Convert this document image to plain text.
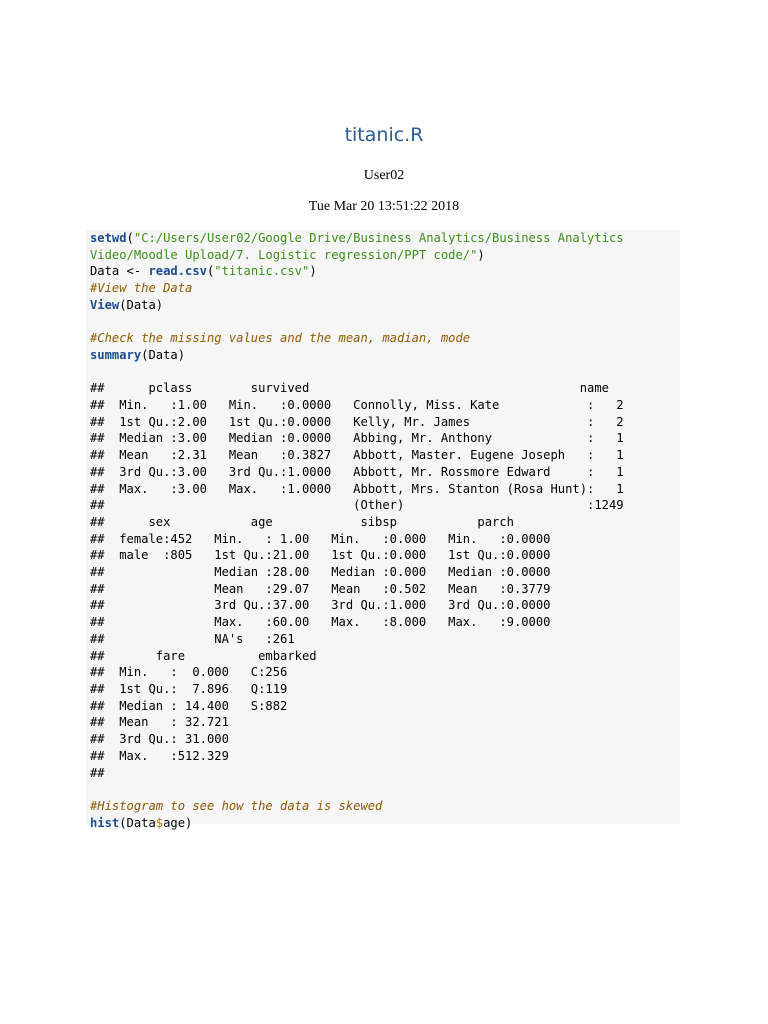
titanic.R
User02
Tue Mar 20 13:51:22 2018
setwd("C:/Users/User02/Google Drive/Business Analytics/Business Analytics
Video/Moodle Upload/7. Logistic regression/PPT code/")
Data <- read.csv("titanic.csv")
#View the Data
View(Data)

#Check the missing values and the mean, madian, mode
summary(Data)

##      pclass        survived                                     name
##  Min.   :1.00   Min.   :0.0000   Connolly, Miss. Kate            :   2
##  1st Qu.:2.00   1st Qu.:0.0000   Kelly, Mr. James                :   2
##  Median :3.00   Median :0.0000   Abbing, Mr. Anthony             :   1
##  Mean   :2.31   Mean   :0.3827   Abbott, Master. Eugene Joseph   :   1
##  3rd Qu.:3.00   3rd Qu.:1.0000   Abbott, Mr. Rossmore Edward     :   1
##  Max.   :3.00   Max.   :1.0000   Abbott, Mrs. Stanton (Rosa Hunt):   1
##                                  (Other)                         :1249
##      sex           age            sibsp           parch
##  female:452   Min.   : 1.00   Min.   :0.000   Min.   :0.0000
##  male  :805   1st Qu.:21.00   1st Qu.:0.000   1st Qu.:0.0000
##               Median :28.00   Median :0.000   Median :0.0000
##               Mean   :29.07   Mean   :0.502   Mean   :0.3779
##               3rd Qu.:37.00   3rd Qu.:1.000   3rd Qu.:0.0000
##               Max.   :60.00   Max.   :8.000   Max.   :9.0000
##               NA's   :261
##       fare          embarked
##  Min.   :  0.000   C:256
##  1st Qu.:  7.896   Q:119
##  Median : 14.400   S:882
##  Mean   : 32.721
##  3rd Qu.: 31.000
##  Max.   :512.329
##

#Histogram to see how the data is skewed
hist(Data$age)
